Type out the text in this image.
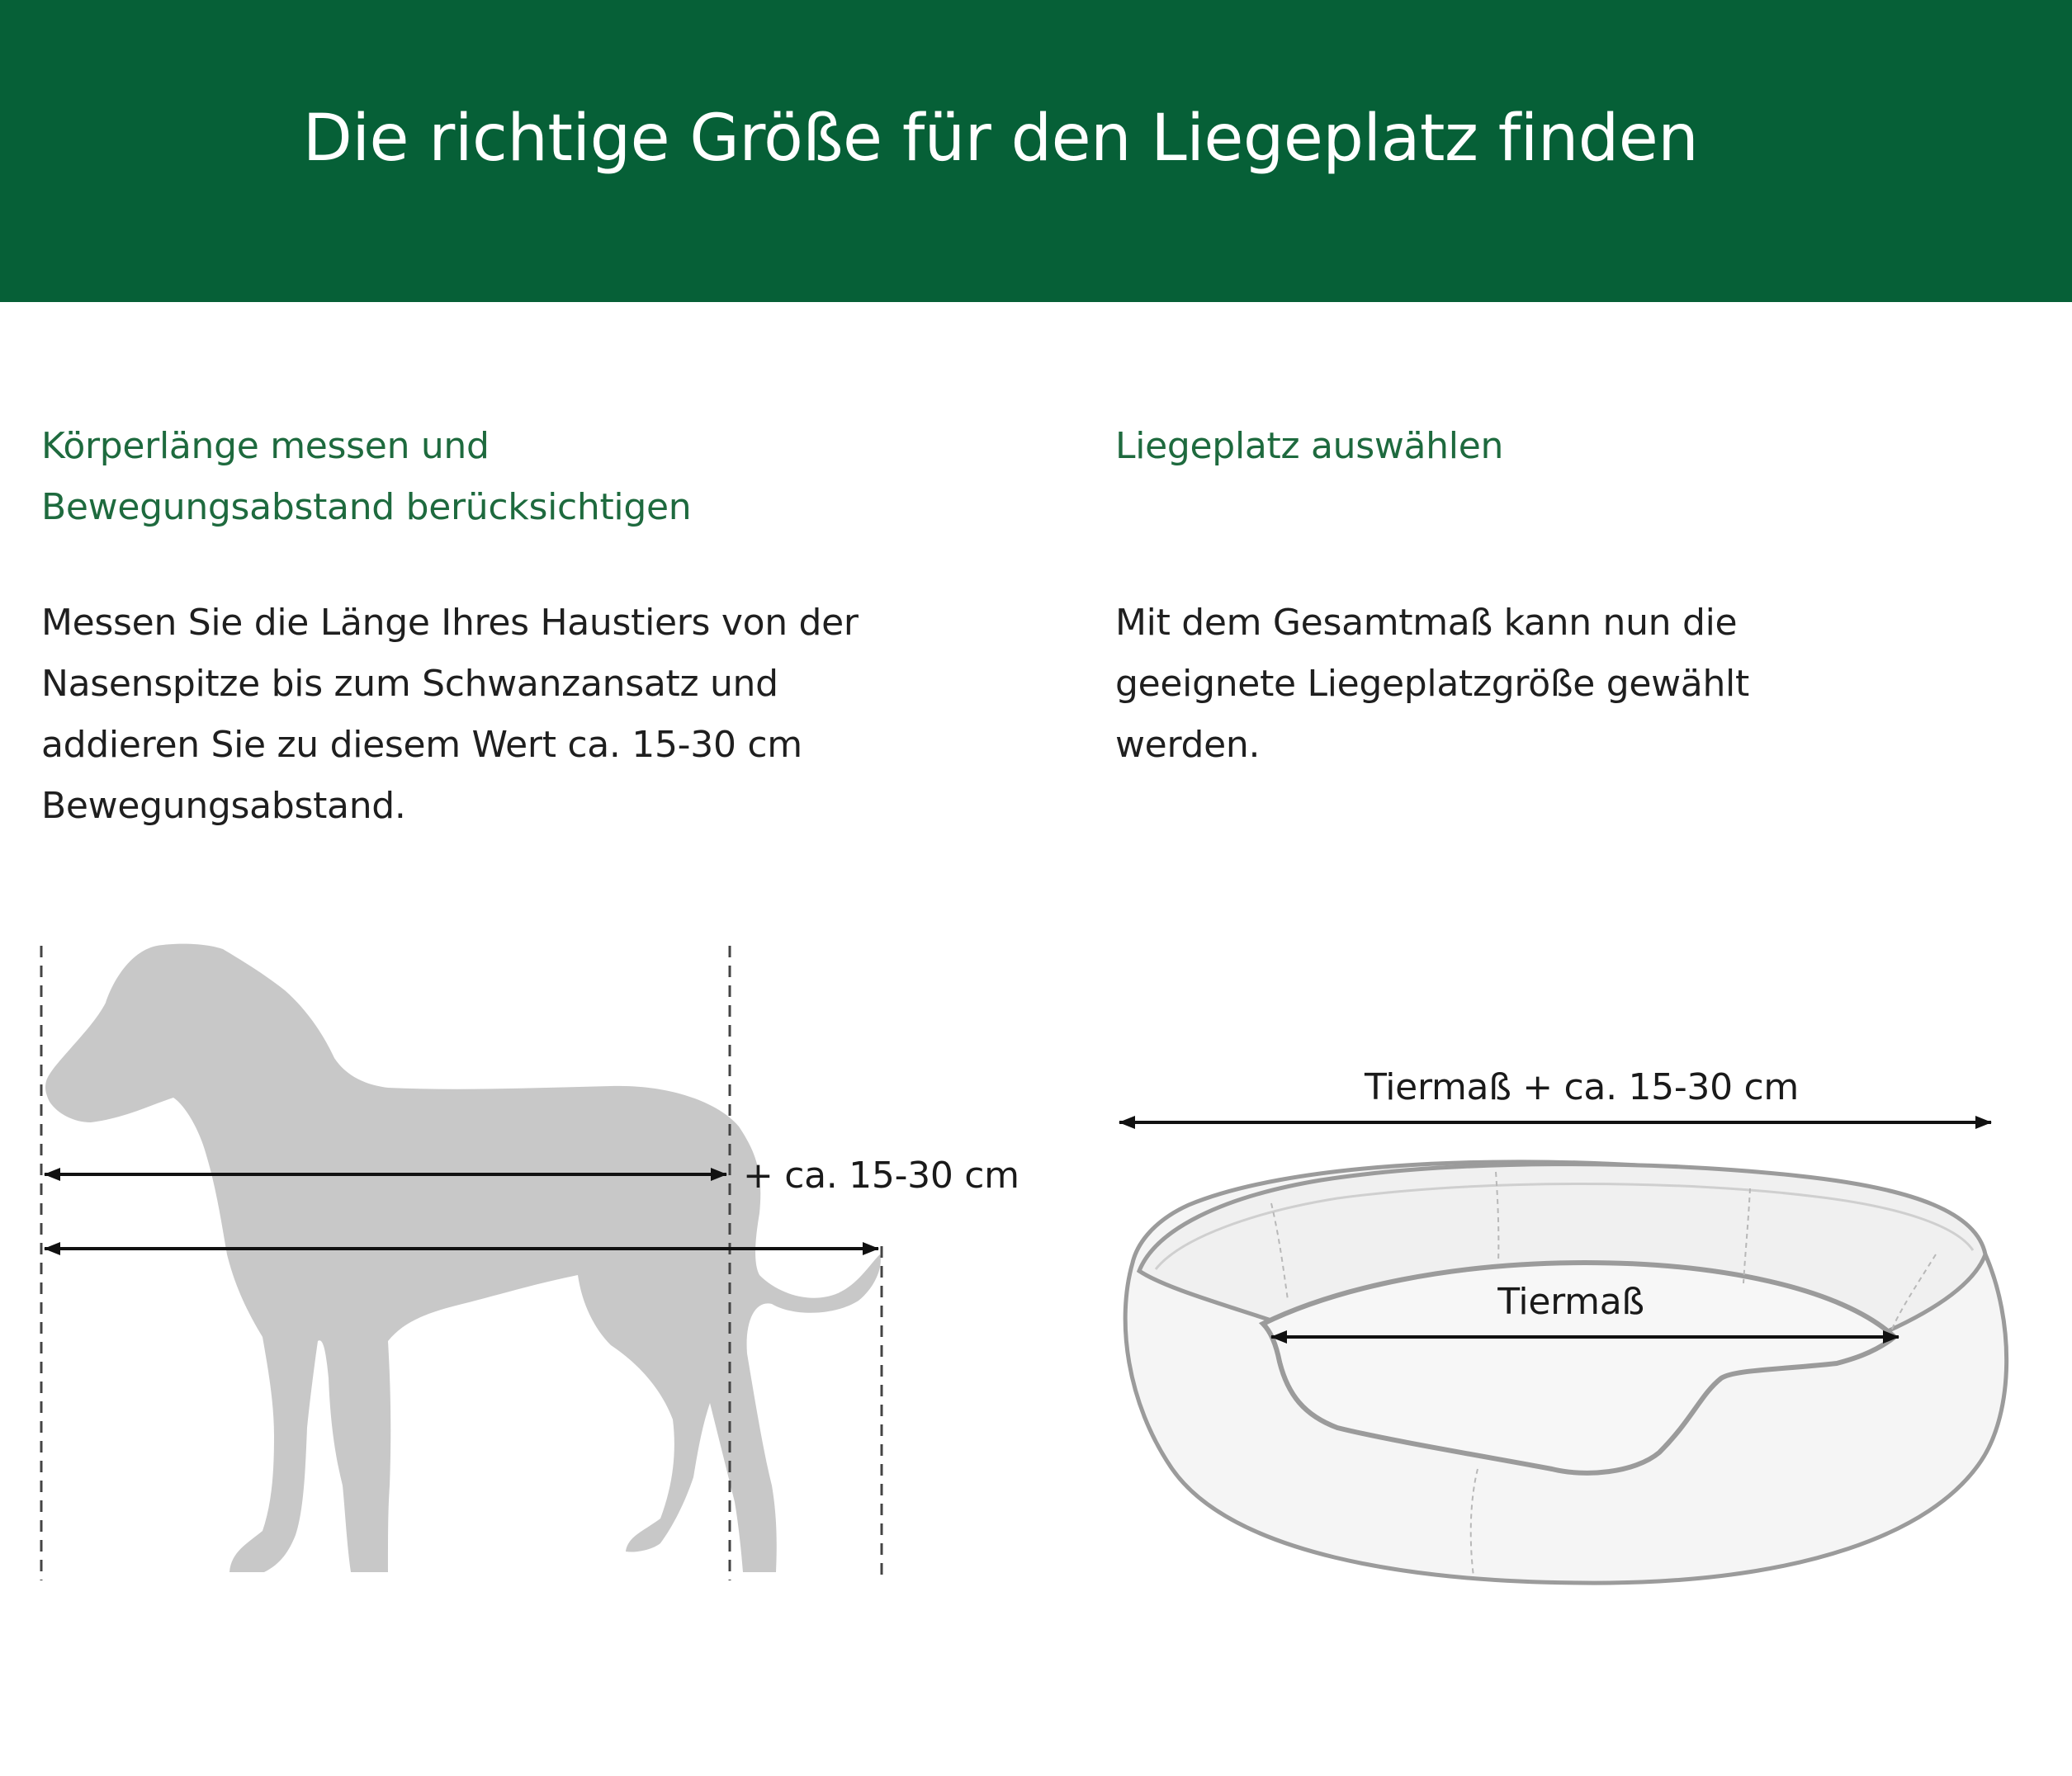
Die richtige Größe für den Liegeplatz finden
Körperlänge messen und
Bewegungsabstand berücksichtigen

Messen Sie die Länge Ihres Haustiers von der
Nasenspitze bis zum Schwanzansatz und
addieren Sie zu diesem Wert ca. 15-30 cm
Bewegungsabstand.

Liegeplatz auswählen

Mit dem Gesamtmaß kann nun die
geeignete Liegeplatzgröße gewählt
werden.

+ ca. 15-30 cm
Tiermaß + ca. 15-30 cm
Tiermaß
